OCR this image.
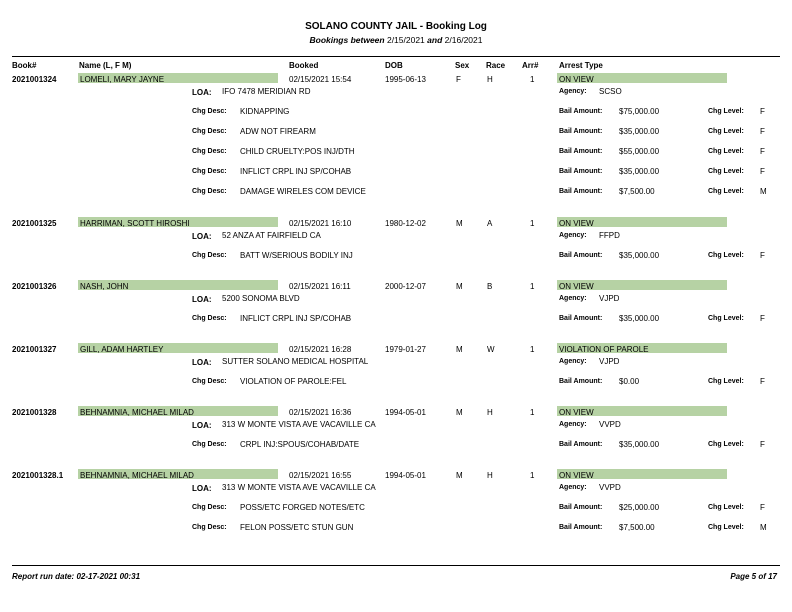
SOLANO COUNTY JAIL - Booking Log
Bookings between 2/15/2021 and 2/16/2021
Book#	Name (L, F M)	Booked	DOB	Sex Race Arr#	Arrest Type
2021001324	LOMELI, MARY JAYNE	02/15/2021 15:54	1995-06-13	F	H	1	ON VIEW
LOA: IFO 7478 MERIDIAN RD	Agency: SCSO
Chg Desc: KIDNAPPING	Bail Amount: $75,000.00	Chg Level: F
Chg Desc: ADW NOT FIREARM	Bail Amount: $35,000.00	Chg Level: F
Chg Desc: CHILD CRUELTY:POS INJ/DTH	Bail Amount: $55,000.00	Chg Level: F
Chg Desc: INFLICT CRPL INJ SP/COHAB	Bail Amount: $35,000.00	Chg Level: F
Chg Desc: DAMAGE WIRELES COM DEVICE	Bail Amount: $7,500.00	Chg Level: M
2021001325	HARRIMAN, SCOTT HIROSHI	02/15/2021 16:10	1980-12-02	M	A	1	ON VIEW
LOA: 52 ANZA AT FAIRFIELD CA	Agency: FFPD
Chg Desc: BATT W/SERIOUS BODILY INJ	Bail Amount: $35,000.00	Chg Level: F
2021001326	NASH, JOHN	02/15/2021 16:11	2000-12-07	M	B	1	ON VIEW
LOA: 5200 SONOMA BLVD	Agency: VJPD
Chg Desc: INFLICT CRPL INJ SP/COHAB	Bail Amount: $35,000.00	Chg Level: F
2021001327	GILL, ADAM HARTLEY	02/15/2021 16:28	1979-01-27	M	W	1	VIOLATION OF PAROLE
LOA: SUTTER SOLANO MEDICAL HOSPITAL	Agency: VJPD
Chg Desc: VIOLATION OF PAROLE:FEL	Bail Amount: $0.00	Chg Level: F
2021001328	BEHNAMNIA, MICHAEL MILAD	02/15/2021 16:36	1994-05-01	M	H	1	ON VIEW
LOA: 313 W MONTE VISTA AVE VACAVILLE CA	Agency: VVPD
Chg Desc: CRPL INJ:SPOUS/COHAB/DATE	Bail Amount: $35,000.00	Chg Level: F
2021001328.1 BEHNAMNIA, MICHAEL MILAD	02/15/2021 16:55	1994-05-01	M	H	1	ON VIEW
LOA: 313 W MONTE VISTA AVE VACAVILLE CA	Agency: VVPD
Chg Desc: POSS/ETC FORGED NOTES/ETC	Bail Amount: $25,000.00	Chg Level: F
Chg Desc: FELON POSS/ETC STUN GUN	Bail Amount: $7,500.00	Chg Level: M
Report run date: 02-17-2021 00:31	Page 5 of 17
